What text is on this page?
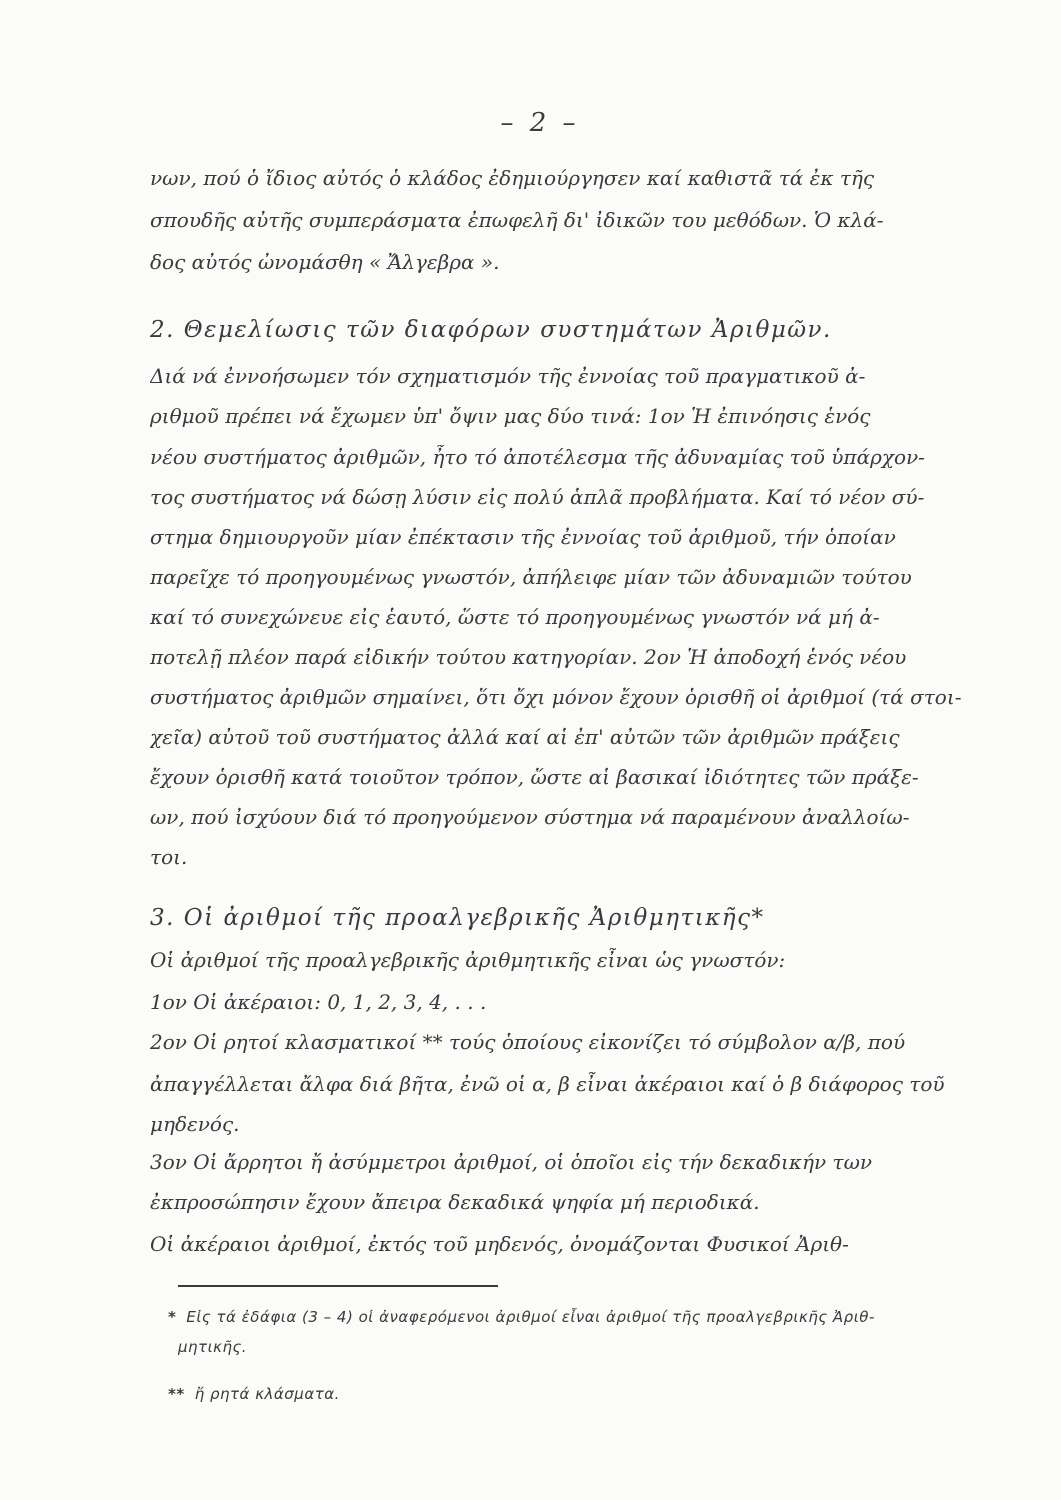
– 2 –
νων, πού ὁ ἴδιος αὐτός ὁ κλάδος ἐδημιούργησεν καί καθιστᾶ τά ἐκ τῆς
σπουδῆς αὐτῆς συμπεράσματα ἐπωφελῆ δι' ἰδικῶν του μεθόδων. Ὁ κλά-
δος αὐτός ὠνομάσθη « Ἄλγεβρα ».
2. Θεμελίωσις τῶν διαφόρων συστημάτων Ἀριθμῶν.
Διά νά ἐννοήσωμεν τόν σχηματισμόν τῆς ἐννοίας τοῦ πραγματικοῦ ἀ-
ριθμοῦ πρέπει νά ἔχωμεν ὑπ' ὄψιν μας δύο τινά: 1ον Ἡ ἐπινόησις ἑνός
νέου συστήματος ἀριθμῶν, ἦτο τό ἀποτέλεσμα τῆς ἀδυναμίας τοῦ ὑπάρχον-
τος συστήματος νά δώσῃ λύσιν εἰς πολύ ἁπλᾶ προβλήματα. Καί τό νέον σύ-
στημα δημιουργοῦν μίαν ἐπέκτασιν τῆς ἐννοίας τοῦ ἀριθμοῦ, τήν ὁποίαν
παρεῖχε τό προηγουμένως γνωστόν, ἀπήλειφε μίαν τῶν ἀδυναμιῶν τούτου
καί τό συνεχώνευε εἰς ἑαυτό, ὥστε τό προηγουμένως γνωστόν νά μή ἀ-
ποτελῇ πλέον παρά εἰδικήν τούτου κατηγορίαν. 2ον Ἡ ἀποδοχή ἑνός νέου
συστήματος ἀριθμῶν σημαίνει, ὅτι ὄχι μόνον ἔχουν ὁρισθῆ οἱ ἀριθμοί (τά στοι-
χεῖα) αὐτοῦ τοῦ συστήματος ἀλλά καί αἱ ἐπ' αὐτῶν τῶν ἀριθμῶν πράξεις
ἔχουν ὁρισθῆ κατά τοιοῦτον τρόπον, ὥστε αἱ βασικαί ἰδιότητες τῶν πράξε-
ων, πού ἰσχύουν διά τό προηγούμενον σύστημα νά παραμένουν ἀναλλοίω-
τοι.
3. Οἱ ἀριθμοί τῆς προαλγεβρικῆς Ἀριθμητικῆς*
Οἱ ἀριθμοί τῆς προαλγεβρικῆς ἀριθμητικῆς εἶναι ὡς γνωστόν:
1ον Οἱ ἀκέραιοι: 0, 1, 2, 3, 4, . . .
2ον Οἱ ρητοί κλασματικοί ** τούς ὁποίους εἰκονίζει τό σύμβολον α/β, πού
ἀπαγγέλλεται ἄλφα διά βῆτα, ἐνῶ οἱ α, β εἶναι ἀκέραιοι καί ὁ β διάφορος τοῦ
μηδενός.
3ον Οἱ ἄρρητοι ἤ ἀσύμμετροι ἀριθμοί, οἱ ὁποῖοι εἰς τήν δεκαδικήν των
ἐκπροσώπησιν ἔχουν ἄπειρα δεκαδικά ψηφία μή περιοδικά.
Οἱ ἀκέραιοι ἀριθμοί, ἐκτός τοῦ μηδενός, ὀνομάζονται Φυσικοί Ἀριθ-
* Εἰς τά ἐδάφια (3 – 4) οἱ ἀναφερόμενοι ἀριθμοί εἶναι ἀριθμοί τῆς προαλγεβρικῆς Ἀριθ-
μητικῆς.
** ἤ ρητά κλάσματα.
